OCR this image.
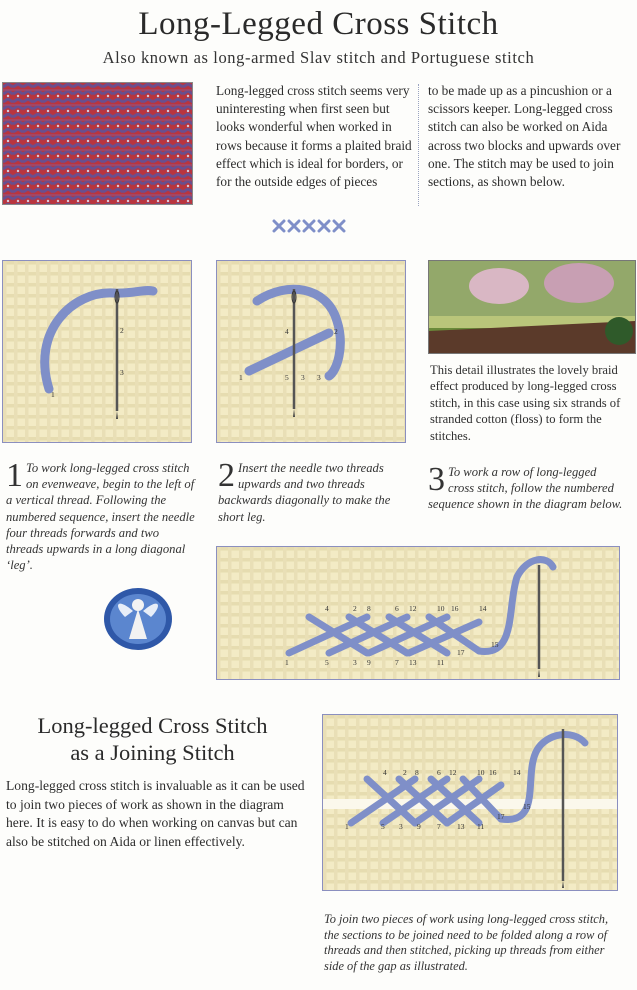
Long-Legged Cross Stitch
Also known as long-armed Slav stitch and Portuguese stitch
Long-legged cross stitch seems very uninteresting when first seen but looks wonderful when worked in rows because it forms a plaited braid effect which is ideal for borders, or for the outside edges of pieces
to be made up as a pincushion or a scissors keeper. Long-legged cross stitch can also be worked on Aida across two blocks and upwards over one. The stitch may be used to join sections, as shown below.
2
3
1
1
2
3
4
5 3
This detail illustrates the lovely braid effect produced by long-legged cross stitch, in this case using six strands of stranded cotton (floss) to form the stitches.
1 To work long-legged cross stitch on evenweave, begin to the left of a vertical thread. Following the numbered sequence, insert the needle four threads forwards and two threads upwards in a long diagonal ‘leg’.
2 Insert the needle two threads upwards and two threads backwards diagonally to make the short leg.
3 To work a row of long-legged cross stitch, follow the numbered sequence shown in the diagram below.
4	2 8	6 12	10 16	14
1	5	3 9	7 13	11
17
15
Long-legged Cross Stitch
as a Joining Stitch
Long-legged cross stitch is invaluable as it can be used to join two pieces of work as shown in the diagram here. It is easy to do when working on canvas but can also be stitched on Aida or linen effectively.
4 2 8 6 12	10 16 14
1	5 3 9 7 13 11
17
15
To join two pieces of work using long-legged cross stitch, the sections to be joined need to be folded along a row of threads and then stitched, picking up threads from either side of the gap as illustrated.
